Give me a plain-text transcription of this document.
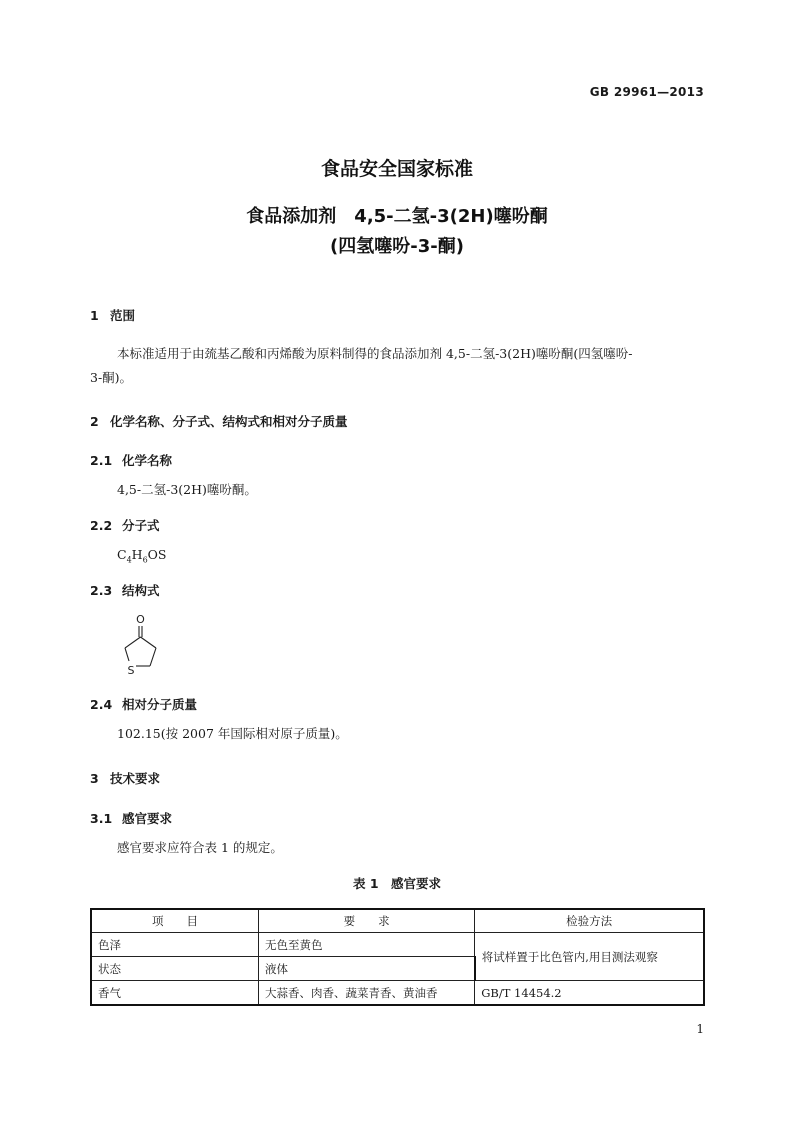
GB 29961—2013
食品安全国家标准
食品添加剂　4,5-二氢-3(2H)噻吩酮
(四氢噻吩-3-酮)
1 范围
本标准适用于由巯基乙酸和丙烯酸为原料制得的食品添加剂 4,5-二氢-3(2H)噻吩酮(四氢噻吩-
3-酮)。
2 化学名称、分子式、结构式和相对分子质量
2.1 化学名称
4,5-二氢-3(2H)噻吩酮。
2.2 分子式
$C_4H_6OS$
2.3 结构式
O
S
2.4 相对分子质量
102.15(按 2007 年国际相对原子质量)。
3 技术要求
3.1 感官要求
感官要求应符合表 1 的规定。
表 1　感官要求
项　　目	要　　求	检验方法
色泽	无色至黄色	将试样置于比色管内,用目测法观察
状态	液体	
香气	大蒜香、肉香、蔬菜青香、黄油香	GB/T 14454.2
1
